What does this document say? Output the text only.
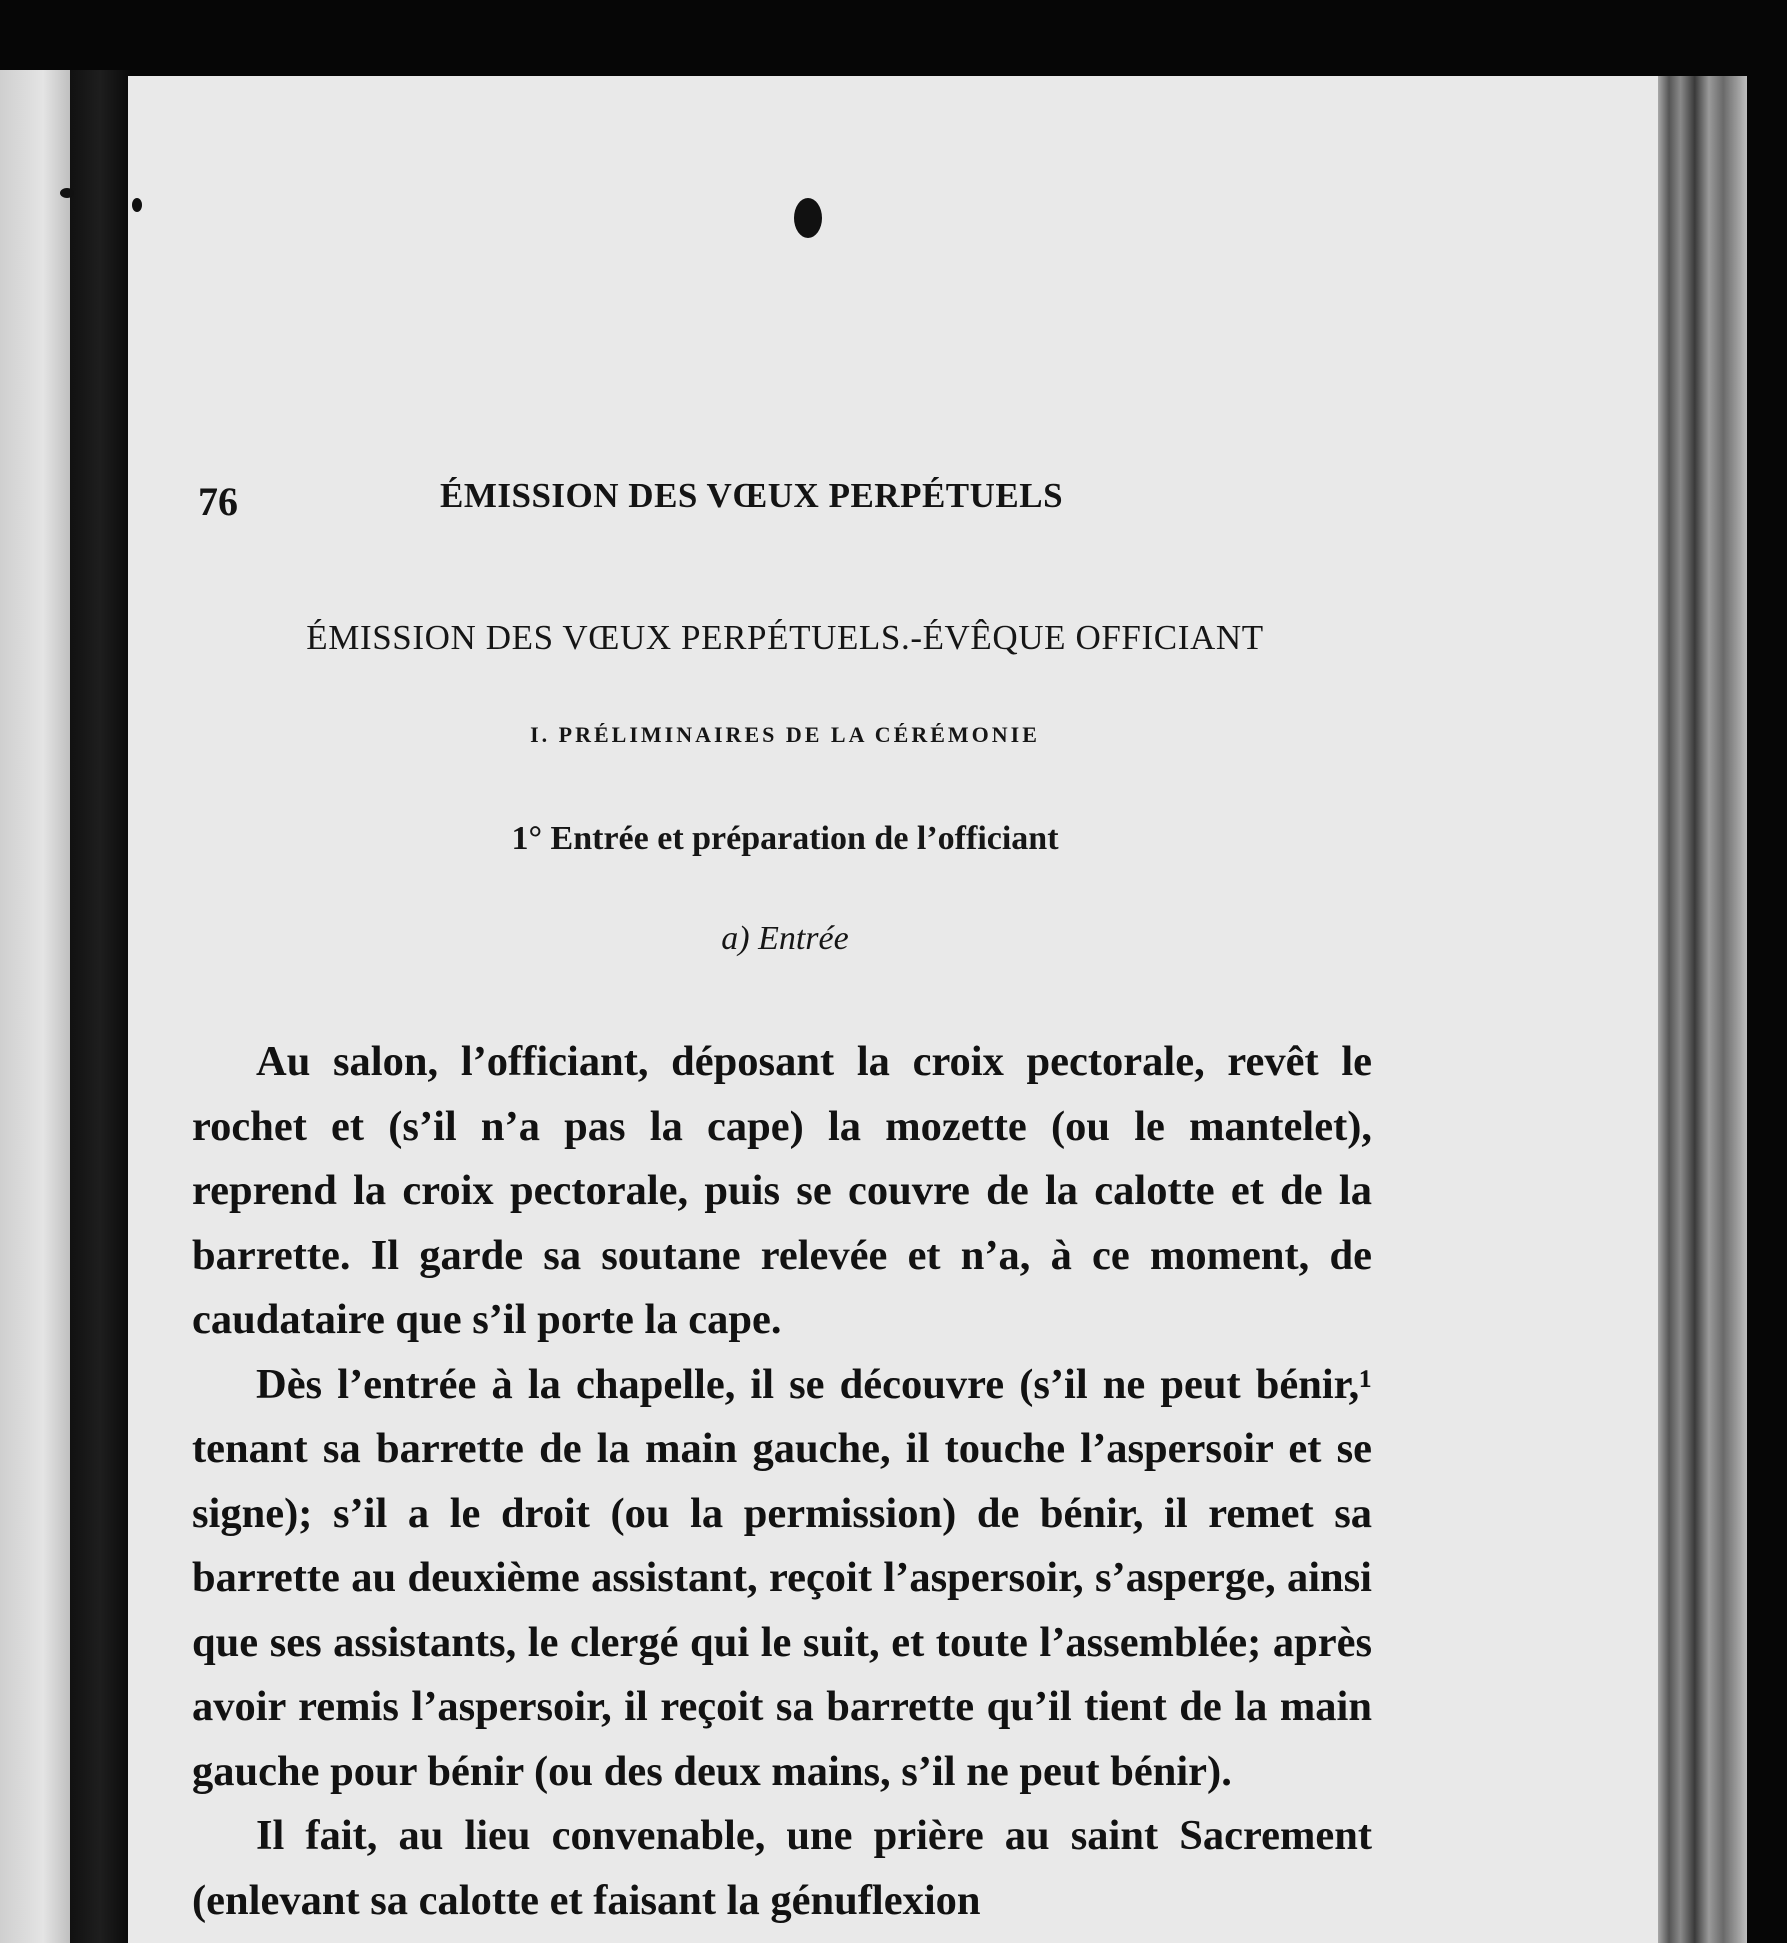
76	ÉMISSION DES VŒUX PERPÉTUELS
ÉMISSION DES VŒUX PERPÉTUELS.-ÉVÊQUE OFFICIANT
I. PRÉLIMINAIRES DE LA CÉRÉMONIE
1° Entrée et préparation de l’officiant
a) Entrée

Au salon, l’officiant, déposant la croix pectorale, revêt le rochet et (s’il n’a pas la cape) la mozette (ou le mantelet), reprend la croix pectorale, puis se couvre de la calotte et de la barrette. Il garde sa soutane relevée et n’a, à ce moment, de caudataire que s’il porte la cape.

Dès l’entrée à la chapelle, il se découvre (s’il ne peut bénir,¹ tenant sa barrette de la main gauche, il touche l’aspersoir et se signe); s’il a le droit (ou la permission) de bénir, il remet sa barrette au deuxième assistant, reçoit l’aspersoir, s’asperge, ainsi que ses assistants, le clergé qui le suit, et toute l’assemblée; après avoir remis l’aspersoir, il reçoit sa barrette qu’il tient de la main gauche pour bénir (ou des deux mains, s’il ne peut bénir).

Il fait, au lieu convenable, une prière au saint Sacrement (enlevant sa calotte et faisant la génuflexion
